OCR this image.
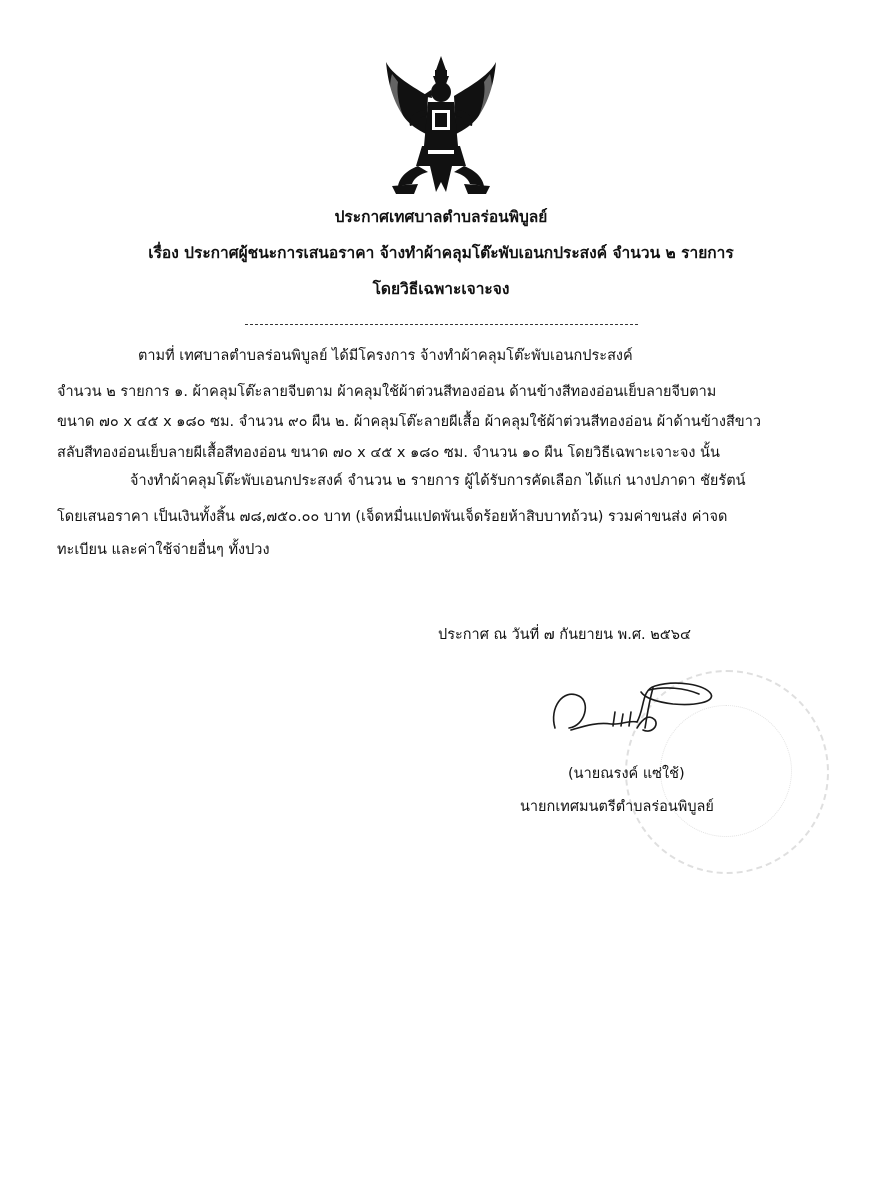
ประกาศเทศบาลตำบลร่อนพิบูลย์
เรื่อง ประกาศผู้ชนะการเสนอราคา จ้างทำผ้าคลุมโต๊ะพับเอนกประสงค์ จำนวน ๒ รายการ
โดยวิธีเฉพาะเจาะจง
ตามที่ เทศบาลตำบลร่อนพิบูลย์ ได้มีโครงการ จ้างทำผ้าคลุมโต๊ะพับเอนกประสงค์
จำนวน ๒ รายการ ๑. ผ้าคลุมโต๊ะลายจีบตาม ผ้าคลุมใช้ผ้าต่วนสีทองอ่อน ด้านข้างสีทองอ่อนเย็บลายจีบตาม
ขนาด ๗๐ x ๔๕ x ๑๘๐ ซม. จำนวน ๙๐ ผืน ๒. ผ้าคลุมโต๊ะลายผีเสื้อ ผ้าคลุมใช้ผ้าต่วนสีทองอ่อน ผ้าด้านข้างสีขาว
สลับสีทองอ่อนเย็บลายผีเสื้อสีทองอ่อน ขนาด ๗๐ x ๔๕ x ๑๘๐ ซม. จำนวน ๑๐ ผืน โดยวิธีเฉพาะเจาะจง นั้น
จ้างทำผ้าคลุมโต๊ะพับเอนกประสงค์ จำนวน ๒ รายการ ผู้ได้รับการคัดเลือก ได้แก่ นางปภาดา ชัยรัตน์
โดยเสนอราคา เป็นเงินทั้งสิ้น ๗๘,๗๕๐.๐๐ บาท (เจ็ดหมื่นแปดพันเจ็ดร้อยห้าสิบบาทถ้วน) รวมค่าขนส่ง ค่าจด
ทะเบียน และค่าใช้จ่ายอื่นๆ ทั้งปวง
ประกาศ ณ วันที่ ๗ กันยายน พ.ศ. ๒๕๖๔
(นายณรงค์ แซ่ใช้)
นายกเทศมนตรีตำบลร่อนพิบูลย์
